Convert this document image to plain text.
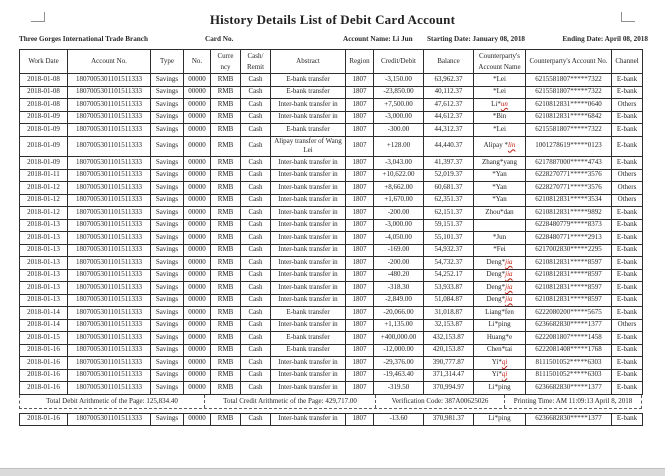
History Details List of Debit Card Account
Three Gorges International Trade Branch	Card No.	Account Name: Li Jun Starting Date: January 08, 2018	Ending Date: April 08, 2018
Work Date	Account No.	Type	No.	Curre ncy	Cash/ Remit	Abstract	Region	Credit/Debit	Balance	Counterparty's Account Name	Counterparty's Account No.	Channel
2018-01-08	1807005301101511333	Savings	00000	RMB	Cash	E-bank transfer	1807	-3,150.00	63,962.37	*Lei	6215581807*****7322	E-bank
2018-01-08	1807005301101511333	Savings	00000	RMB	Cash	E-bank transfer	1807	-23,850.00	40,112.37	*Lei	6215581807*****7322	E-bank
2018-01-08	1807005301101511333	Savings	00000	RMB	Cash	Inter-bank transfer in	1807	+7,500.00	47,612.37	Li*un	6210812831*****0640	Others
2018-01-09	1807005301101511333	Savings	00000	RMB	Cash	Inter-bank transfer in	1807	-3,000.00	44,612.37	*Bin	6210812831*****6842	E-bank
2018-01-09	1807005301101511333	Savings	00000	RMB	Cash	E-bank transfer	1807	-300.00	44,312.37	*Lei	6215581807*****7322	E-bank
2018-01-09	1807005301101511333	Savings	00000	RMB	Cash	Alipay transfer of Wang Lei	1807	+128.00	44,440.37	Alipay *lin	1001278619*****0123	E-bank
2018-01-09	1807005301101511333	Savings	00000	RMB	Cash	Inter-bank transfer in	1807	-3,043.00	41,397.37	Zhang*yang	6217887000*****4743	E-bank
2018-01-11	1807005301101511333	Savings	00000	RMB	Cash	Inter-bank transfer in	1807	+10,622.00	52,019.37	*Yan	6228270771*****3576	Others
2018-01-12	1807005301101511333	Savings	00000	RMB	Cash	Inter-bank transfer in	1807	+8,662.00	60,681.37	*Yan	6228270771*****3576	Others
2018-01-12	1807005301101511333	Savings	00000	RMB	Cash	Inter-bank transfer in	1807	+1,670.00	62,351.37	*Yan	6210812831*****3534	Others
2018-01-12	1807005301101511333	Savings	00000	RMB	Cash	Inter-bank transfer in	1807	-200.00	62,151.37	Zhou*dan	6210812831*****9892	E-bank
2018-01-13	1807005301101511333	Savings	00000	RMB	Cash	Inter-bank transfer in	1807	-3,000.00	59,151.37		6228480779*****8373	E-bank
2018-01-13	1807005301101511333	Savings	00000	RMB	Cash	Inter-bank transfer in	1807	-4,050.00	55,101.37	*Jun	6228480771*****2913	E-bank
2018-01-13	1807005301101511333	Savings	00000	RMB	Cash	Inter-bank transfer in	1807	-169.00	54,932.37	*Fei	6217002830*****2295	E-bank
2018-01-13	1807005301101511333	Savings	00000	RMB	Cash	Inter-bank transfer in	1807	-200.00	54,732.37	Deng*jia	6210812831*****8597	E-bank
2018-01-13	1807005301101511333	Savings	00000	RMB	Cash	Inter-bank transfer in	1807	-480.20	54,252.17	Deng*jia	6210812831*****8597	E-bank
2018-01-13	1807005301101511333	Savings	00000	RMB	Cash	Inter-bank transfer in	1807	-318.30	53,933.87	Deng*jia	6210812831*****8597	E-bank
2018-01-13	1807005301101511333	Savings	00000	RMB	Cash	Inter-bank transfer in	1807	-2,849.00	51,084.87	Deng*jia	6210812831*****8597	E-bank
2018-01-14	1807005301101511333	Savings	00000	RMB	Cash	E-bank transfer	1807	-20,066.00	31,018.87	Liang*fen	6222080200*****5675	E-bank
2018-01-14	1807005301101511333	Savings	00000	RMB	Cash	Inter-bank transfer in	1807	+1,135.00	32,153.87	Li*ping	6236682830*****1377	Others
2018-01-15	1807005301101511333	Savings	00000	RMB	Cash	E-bank transfer	1807	+400,000.00	432,153.87	Huang*e	6222081807*****1458	E-bank
2018-01-16	1807005301101511333	Savings	00000	RMB	Cash	E-bank transfer	1807	-12,000.00	420,153.87	Chen*tai	6222081408*****1768	E-bank
2018-01-16	1807005301101511333	Savings	00000	RMB	Cash	Inter-bank transfer in	1807	-29,376.00	390,777.87	Yi*qi	8111501052*****6303	E-bank
2018-01-16	1807005301101511333	Savings	00000	RMB	Cash	Inter-bank transfer in	1807	-19,463.40	371,314.47	Yi*qi	8111501052*****6303	E-bank
2018-01-16	1807005301101511333	Savings	00000	RMB	Cash	Inter-bank transfer in	1807	-319.50	370,994.97	Li*ping	6236682830*****1377	E-bank
Total Debit Arithmetic of the Page: 125,834.40	Total Credit Arithmetic of the Page: 429,717.00	Verification Code: 387A00625026	Printing Time: AM 11:09:13 April 8, 2018
2018-01-16	1807005301101511333	Savings	00000	RMB	Cash	Inter-bank transfer in	1807	-13.60	370,981.37	Li*ping	6236682830*****1377	E-bank
